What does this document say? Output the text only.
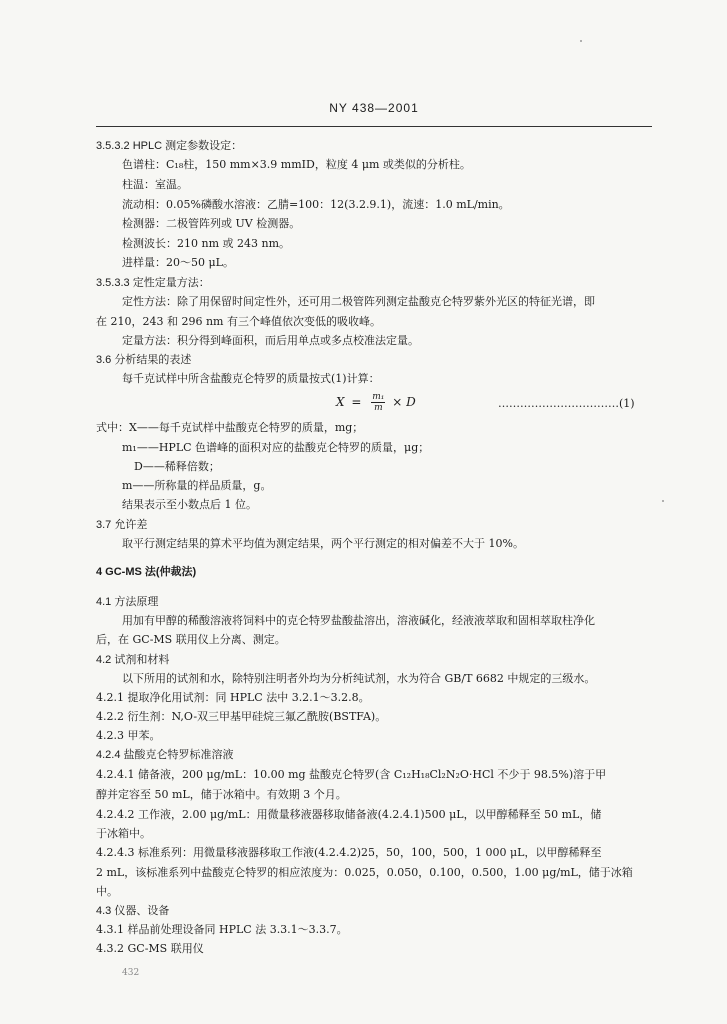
NY 438—2001
3.5.3.2 HPLC 测定参数设定：
色谱柱：C₁₈柱，150 mm×3.9 mmID，粒度 4 μm 或类似的分析柱。
柱温：室温。
流动相：0.05%磷酸水溶液：乙腈=100：12(3.2.9.1)，流速：1.0 mL/min。
检测器：二极管阵列或 UV 检测器。
检测波长：210 nm 或 243 nm。
进样量：20～50 μL。
3.5.3.3 定性定量方法：
定性方法：除了用保留时间定性外，还可用二极管阵列测定盐酸克仑特罗紫外光区的特征光谱，即
在 210，243 和 296 nm 有三个峰值依次变低的吸收峰。
定量方法：积分得到峰面积，而后用单点或多点校准法定量。
3.6 分析结果的表述
每千克试样中所含盐酸克仑特罗的质量按式(1)计算：
$X = \frac{\text{m₁}}{m} \times D$	……………………………(1)
式中：X——每千克试样中盐酸克仑特罗的质量，mg；
m₁——HPLC 色谱峰的面积对应的盐酸克仑特罗的质量，μg；
D——稀释倍数；
m——所称量的样品质量，g。
结果表示至小数点后 1 位。
3.7 允许差
取平行测定结果的算术平均值为测定结果，两个平行测定的相对偏差不大于 10%。
4 GC-MS 法(仲裁法)
4.1 方法原理
用加有甲醇的稀酸溶液将饲料中的克仑特罗盐酸盐溶出，溶液碱化，经液液萃取和固相萃取柱净化
后，在 GC-MS 联用仪上分离、测定。
4.2 试剂和材料
以下所用的试剂和水，除特别注明者外均为分析纯试剂，水为符合 GB/T 6682 中规定的三级水。
4.2.1 提取净化用试剂：同 HPLC 法中 3.2.1～3.2.8。
4.2.2 衍生剂：N,O-双三甲基甲硅烷三氟乙酰胺(BSTFA)。
4.2.3 甲苯。
4.2.4 盐酸克仑特罗标准溶液
4.2.4.1 储备液，200 μg/mL：10.00 mg 盐酸克仑特罗(含 C₁₂H₁₈Cl₂N₂O·HCl 不少于 98.5%)溶于甲
醇并定容至 50 mL，储于冰箱中。有效期 3 个月。
4.2.4.2 工作液，2.00 μg/mL：用微量移液器移取储备液(4.2.4.1)500 μL，以甲醇稀释至 50 mL，储
于冰箱中。
4.2.4.3 标准系列：用微量移液器移取工作液(4.2.4.2)25，50，100，500，1 000 μL，以甲醇稀释至
2 mL，该标准系列中盐酸克仑特罗的相应浓度为：0.025，0.050，0.100，0.500，1.00 μg/mL，储于冰箱
中。
4.3 仪器、设备
4.3.1 样品前处理设备同 HPLC 法 3.3.1～3.3.7。
4.3.2 GC-MS 联用仪
432
